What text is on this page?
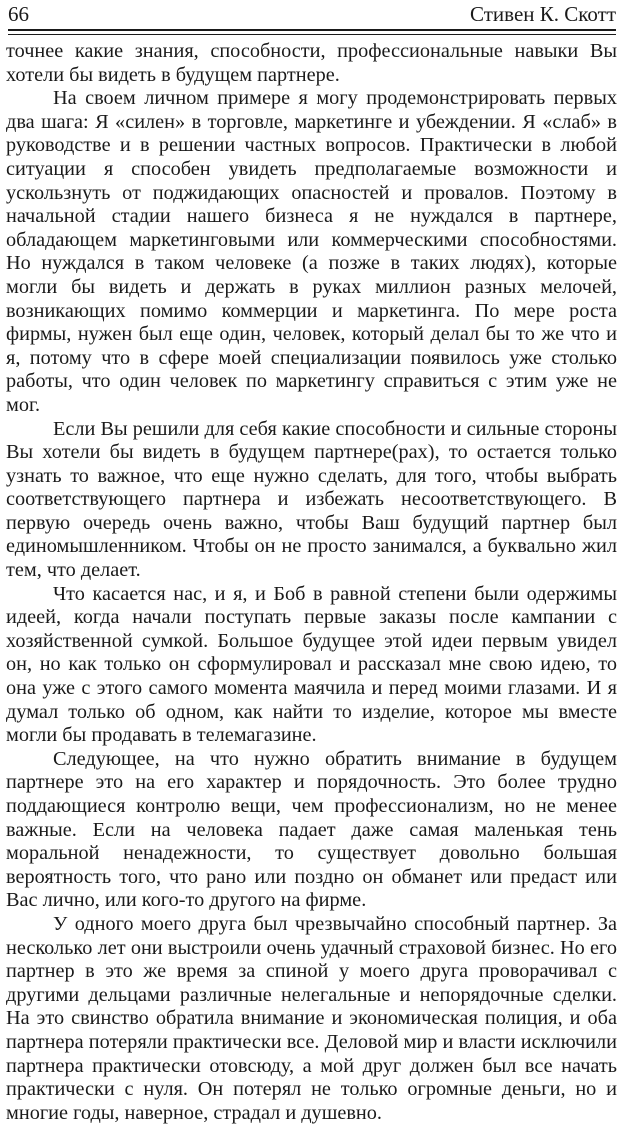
66	Стивен К. Скотт

точнее какие знания, способности, профессиональные навыки Вы хотели бы видеть в будущем партнере.

На своем личном примере я могу продемонстрировать первых два шага: Я «силен» в торговле, маркетинге и убеждении. Я «слаб» в руководстве и в решении частных вопросов. Практически в любой ситуации я способен увидеть предполагаемые возможности и ускользнуть от поджидающих опасностей и провалов. Поэтому в начальной стадии нашего бизнеса я не нуждался в партнере, обладающем маркетинговыми или коммерческими способностями. Но нуждался в таком человеке (а позже в таких людях), которые могли бы видеть и держать в руках миллион разных мелочей, возникающих помимо коммерции и маркетинга. По мере роста фирмы, нужен был еще один, человек, который делал бы то же что и я, потому что в сфере моей специализации появилось уже столько работы, что один человек по маркетингу справиться с этим уже не мог.

Если Вы решили для себя какие способности и сильные стороны Вы хотели бы видеть в будущем партнере(рах), то остается только узнать то важное, что еще нужно сделать, для того, чтобы выбрать соответствующего партнера и избежать несоответствующего. В первую очередь очень важно, чтобы Ваш будущий партнер был единомышленником. Чтобы он не просто занимался, а буквально жил тем, что делает.

Что касается нас, и я, и Боб в равной степени были одержимы идеей, когда начали поступать первые заказы после кампании с хозяйственной сумкой. Большое будущее этой идеи первым увидел он, но как только он сформулировал и рассказал мне свою идею, то она уже с этого самого момента маячила и перед моими глазами. И я думал только об одном, как найти то изделие, которое мы вместе могли бы продавать в телемагазине.

Следующее, на что нужно обратить внимание в будущем партнере это на его характер и порядочность. Это более трудно поддающиеся контролю вещи, чем профессионализм, но не менее важные. Если на человека падает даже самая маленькая тень моральной ненадежности, то существует довольно большая вероятность того, что рано или поздно он обманет или предаст или Вас лично, или кого-то другого на фирме.

У одного моего друга был чрезвычайно способный партнер. За несколько лет они выстроили очень удачный страховой бизнес. Но его партнер в это же время за спиной у моего друга проворачивал с другими дельцами различные нелегальные и непорядочные сделки. На это свинство обратила внимание и экономическая полиция, и оба партнера потеряли практически все. Деловой мир и власти исключили партнера практически отовсюду, а мой друг должен был все начать практически с нуля. Он потерял не только огромные деньги, но и многие годы, наверное, страдал и душевно.
